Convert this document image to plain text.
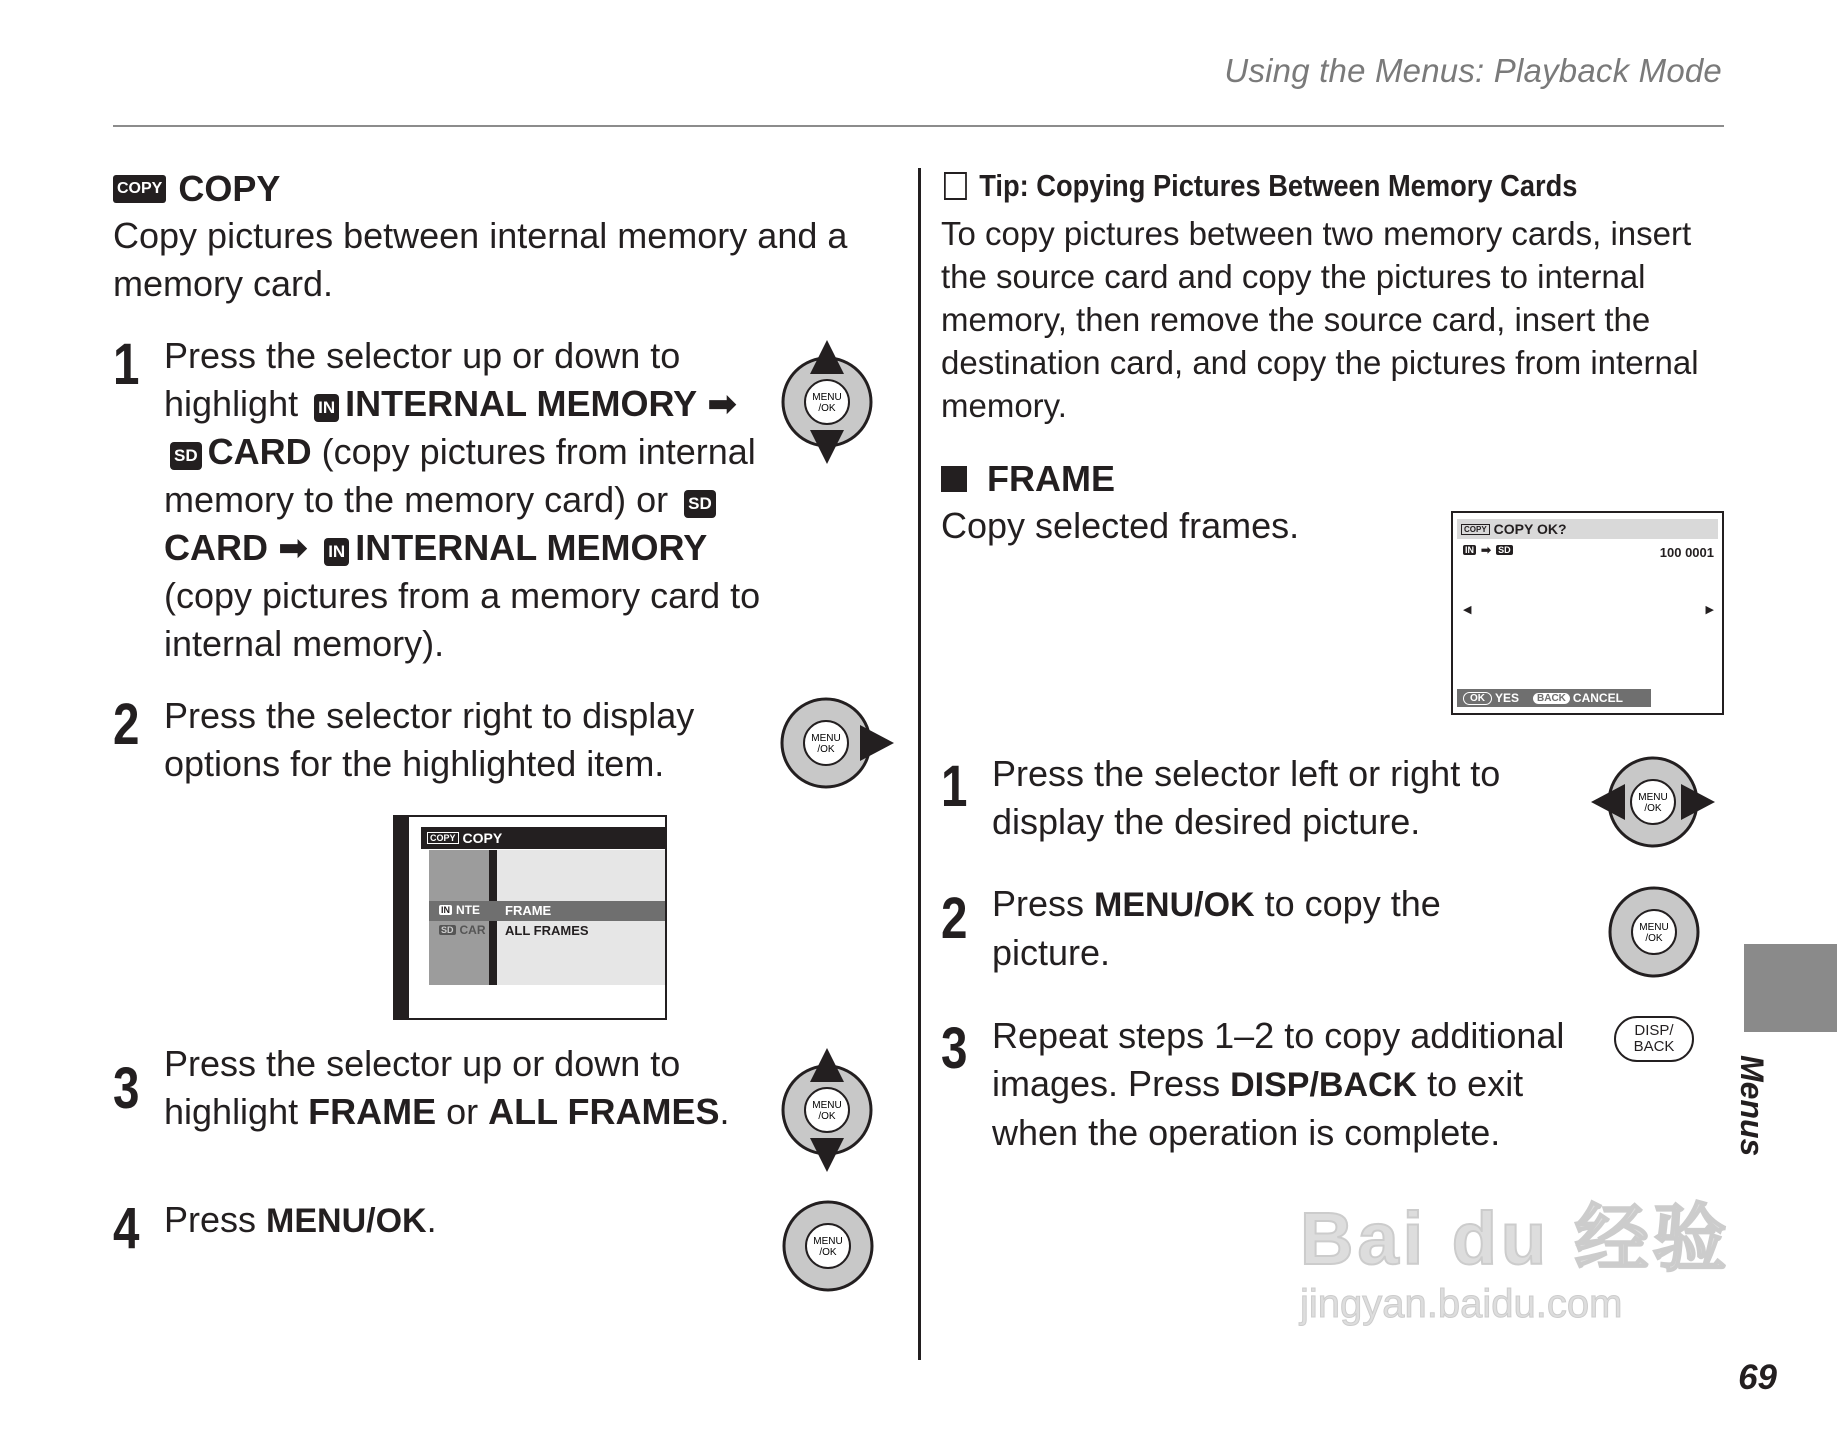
Using the Menus: Playback Mode
COPY COPY
Copy pictures between internal memory and a memory card.
1 Press the selector up or down to highlight IN INTERNAL MEMORY ➡ SD CARD (copy pictures from internal memory to the memory card) or SDCARD ➡ IN INTERNAL MEMORY (copy pictures from a memory card to internal memory).
2 Press the selector right to display options for the highlighted item.
COPY COPY
IN NTE FRAME
SD CAR ALL FRAMES
3 Press the selector up or down to highlight FRAME or ALL FRAMES.
4 Press MENU/OK.
MENU
/OK
MENU
/OK
MENU
/OK
MENU
/OK
Tip: Copying Pictures Between Memory Cards
To copy pictures between two memory cards, insert the source card and copy the pictures to internal memory, then remove the source card, insert the destination card, and copy the pictures from internal memory.
FRAME
Copy selected frames.	COPY COPY OK?
IN ➡ SD	100 0001
◀	▶
OK YES	BACK CANCEL
1 Press the selector left or right to display the desired picture.
2 Press MENU/OK to copy the picture.
3 Repeat steps 1–2 to copy additional images. Press DISP/BACK to exit when the operation is complete.
MENU
/OK
MENU
/OK
DISP/
BACK
Menus
69
Bai du 经验
jingyan.baidu.com
